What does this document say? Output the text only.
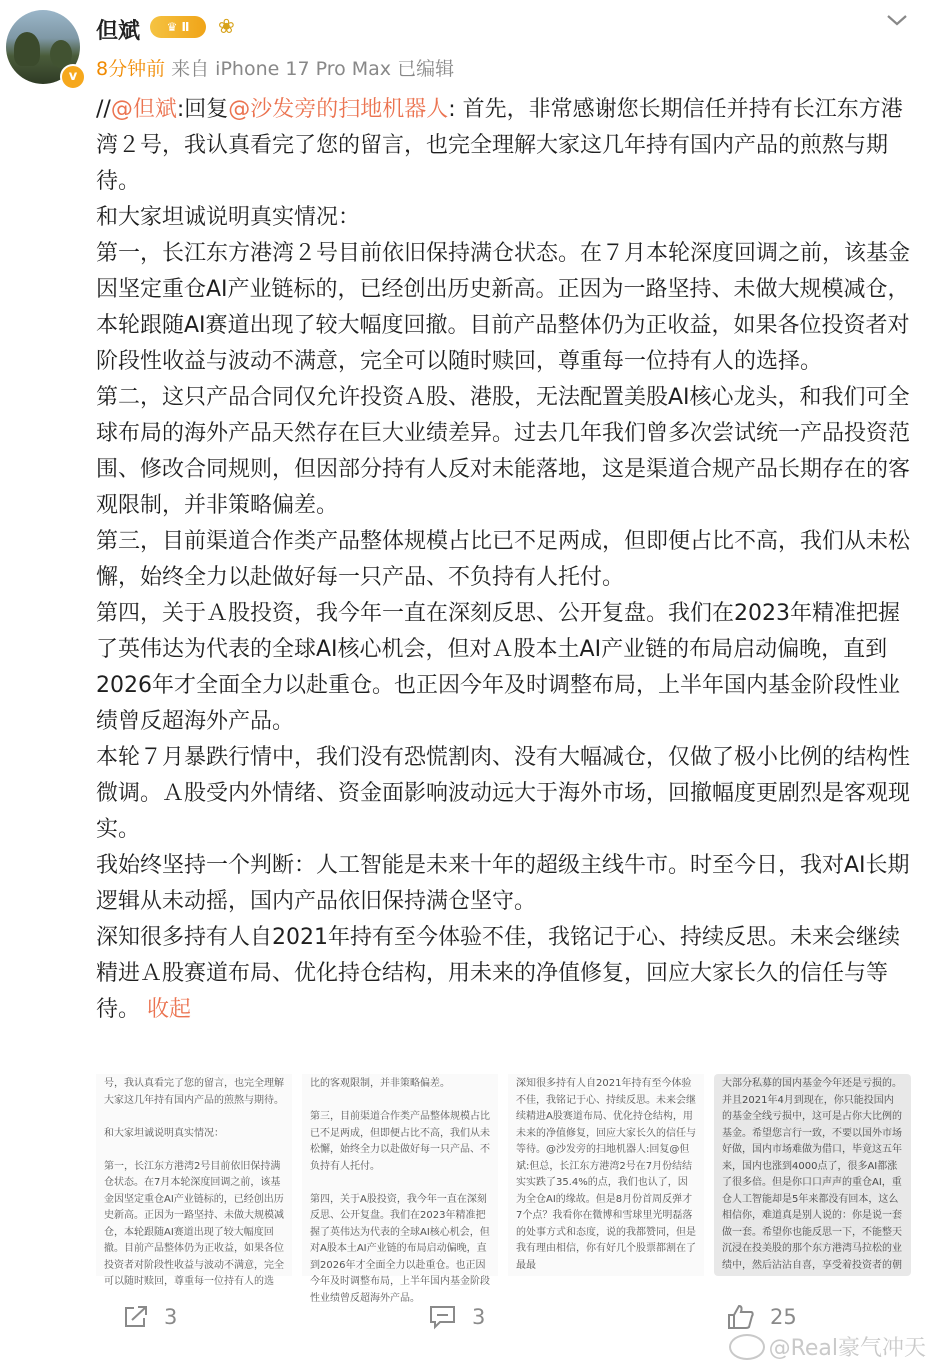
v
但斌	♛ Ⅱ	❀
8分钟前 来自 iPhone 17 Pro Max 已编辑

//@但斌:回复@沙发旁的扫地机器人: 首先，非常感谢您长期信任并持有长江东方港湾２号，我认真看完了您的留言，也完全理解大家这几年持有国内产品的煎熬与期待。

和大家坦诚说明真实情况：

第一，长江东方港湾２号目前依旧保持满仓状态。在７月本轮深度回调之前，该基金因坚定重仓AI产业链标的，已经创出历史新高。正因为一路坚持、未做大规模减仓，本轮跟随AI赛道出现了较大幅度回撤。目前产品整体仍为正收益，如果各位投资者对阶段性收益与波动不满意，完全可以随时赎回，尊重每一位持有人的选择。

第二，这只产品合同仅允许投资Ａ股、港股，无法配置美股AI核心龙头，和我们可全球布局的海外产品天然存在巨大业绩差异。过去几年我们曾多次尝试统一产品投资范围、修改合同规则，但因部分持有人反对未能落地，这是渠道合规产品长期存在的客观限制，并非策略偏差。

第三，目前渠道合作类产品整体规模占比已不足两成，但即便占比不高，我们从未松懈，始终全力以赴做好每一只产品、不负持有人托付。

第四，关于Ａ股投资，我今年一直在深刻反思、公开复盘。我们在2023年精准把握了英伟达为代表的全球AI核心机会，但对Ａ股本土AI产业链的布局启动偏晚，直到2026年才全面全力以赴重仓。也正因今年及时调整布局，上半年国内基金阶段性业绩曾反超海外产品。

本轮７月暴跌行情中，我们没有恐慌割肉、没有大幅减仓，仅做了极小比例的结构性微调。Ａ股受内外情绪、资金面影响波动远大于海外市场，回撤幅度更剧烈是客观现实。

我始终坚持一个判断：人工智能是未来十年的超级主线牛市。时至今日，我对AI长期逻辑从未动摇，国内产品依旧保持满仓坚守。

深知很多持有人自2021年持有至今体验不佳，我铭记于心、持续反思。未来会继续精进Ａ股赛道布局、优化持仓结构，用未来的净值修复，回应大家长久的信任与等待。 收起

号，我认真看完了您的留言，也完全理解大家这几年持有国内产品的煎熬与期待。

和大家坦诚说明真实情况：

第一，长江东方港湾2号目前依旧保持满仓状态。在7月本轮深度回调之前，该基金因坚定重仓AI产业链标的，已经创出历史新高。正因为一路坚持、未做大规模减仓，本轮跟随AI赛道出现了较大幅度回撤。目前产品整体仍为正收益，如果各位投资者对阶段性收益与波动不满意，完全可以随时赎回，尊重每一位持有人的选
比的客观限制，并非策略偏差。

第三，目前渠道合作类产品整体规模占比已不足两成，但即便占比不高，我们从未松懈，始终全力以赴做好每一只产品、不负持有人托付。

第四，关于A股投资，我今年一直在深刻反思、公开复盘。我们在2023年精准把握了英伟达为代表的全球AI核心机会，但对A股本土AI产业链的布局启动偏晚，直到2026年才全面全力以赴重仓。也正因今年及时调整布局，上半年国内基金阶段性业绩曾反超海外产品。
深知很多持有人自2021年持有至今体验不佳，我铭记于心、持续反思。未来会继续精进A股赛道布局、优化持仓结构，用未来的净值修复，回应大家长久的信任与等待。@沙发旁的扫地机器人:回复@但斌:但总，长江东方港湾2号在7月份结结实实跌了35.4%的点，我们也认了，因为全仓AI的缘故。但是8月份首周反弹才7个点？我看你在微博和雪球里光明磊落的处事方式和态度，说的我都赞同，但是我有理由相信，你有好几个股票都割在了最最
大部分私募的国内基金今年还是亏损的。并且2021年4月到现在，你只能投国内的基金全线亏损中，这可是占你大比例的基金。希望您言行一致，不要以国外市场好做，国内市场难做为借口，毕竟这五年来，国内也涨到4000点了，很多AI都涨了很多倍。但是你口口声声的重仓AI，重仓人工智能却是5年来都没有回本，这么相信你，难道真是别人说的：你是说一套做一套。希望你也能反思一下，不能整天沉浸在投美股的那个东方港湾马拉松的业绩中，然后沾沾自喜，享受着投资者的朝
3	3	25
@Real豪气冲天
